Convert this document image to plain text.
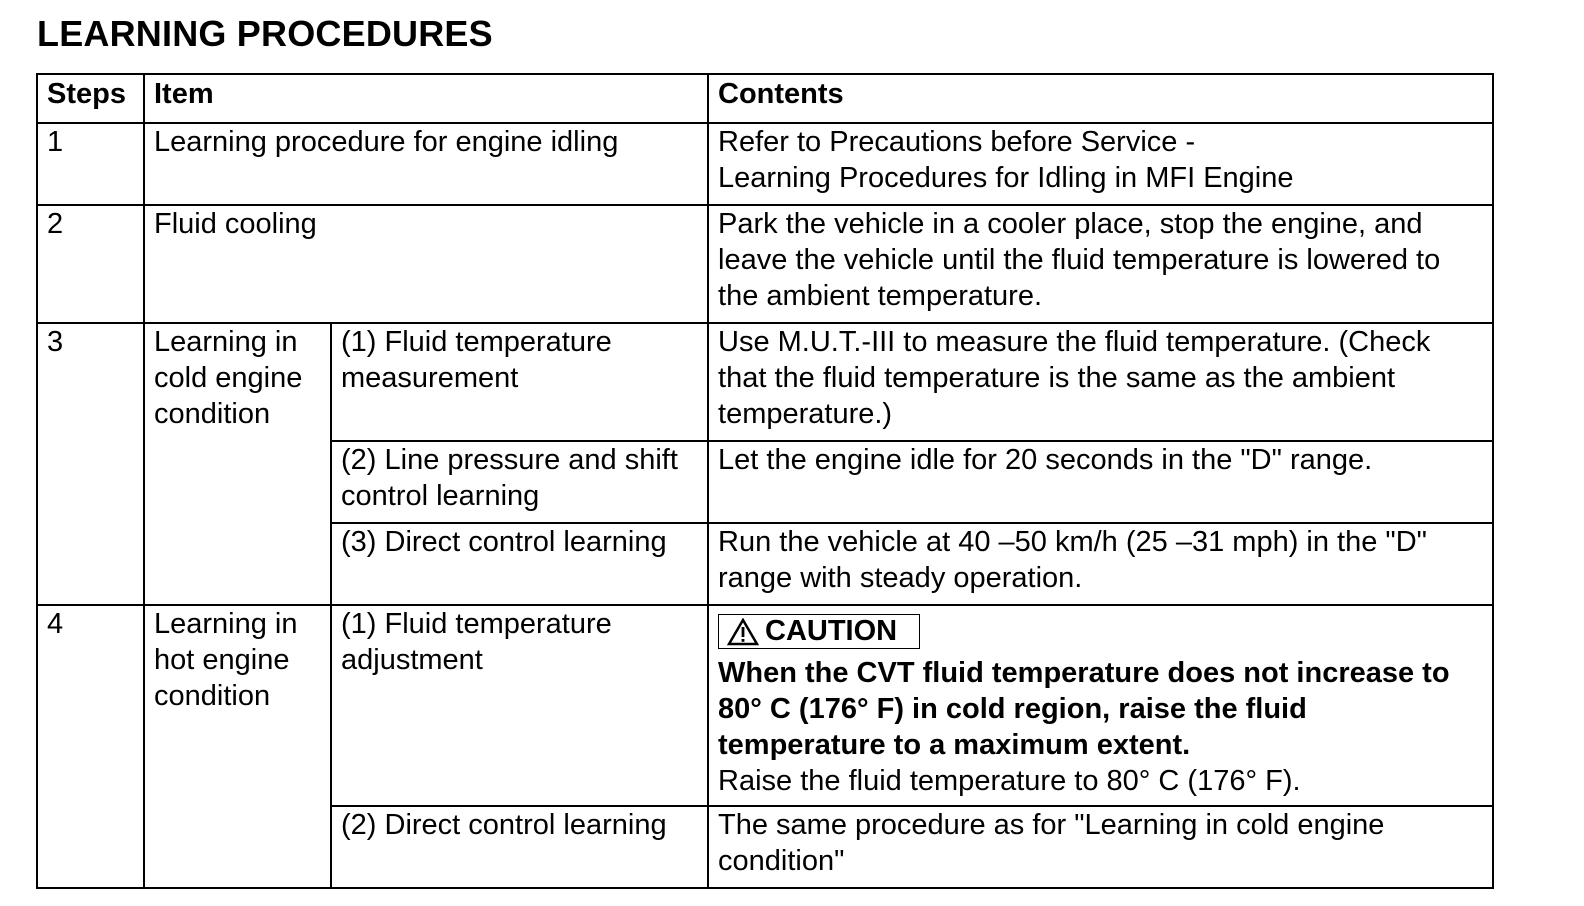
LEARNING PROCEDURES
Steps	Item		Contents

1	Learning procedure for engine idling		Refer to Precautions before Service -
Learning Procedures for Idling in MFI Engine

2	Fluid cooling		Park the vehicle in a cooler place, stop the engine, and
leave the vehicle until the fluid temperature is lowered to
the ambient temperature.

3	Learning in
cold engine
condition	(1) Fluid temperature
measurement	Use M.U.T.-III to measure the fluid temperature. (Check
that the fluid temperature is the same as the ambient
temperature.)

		(2) Line pressure and shift
control learning	Let the engine idle for 20 seconds in the "D" range.

		(3) Direct control learning	Run the vehicle at 40 –50 km/h (25 –31 mph) in the "D"
range with steady operation.

4	Learning in
hot engine
condition	(1) Fluid temperature
adjustment	CAUTION
When the CVT fluid temperature does not increase to
80° C (176° F) in cold region, raise the fluid
temperature to a maximum extent.
Raise the fluid temperature to 80° C (176° F).

		(2) Direct control learning	The same procedure as for "Learning in cold engine
condition"
